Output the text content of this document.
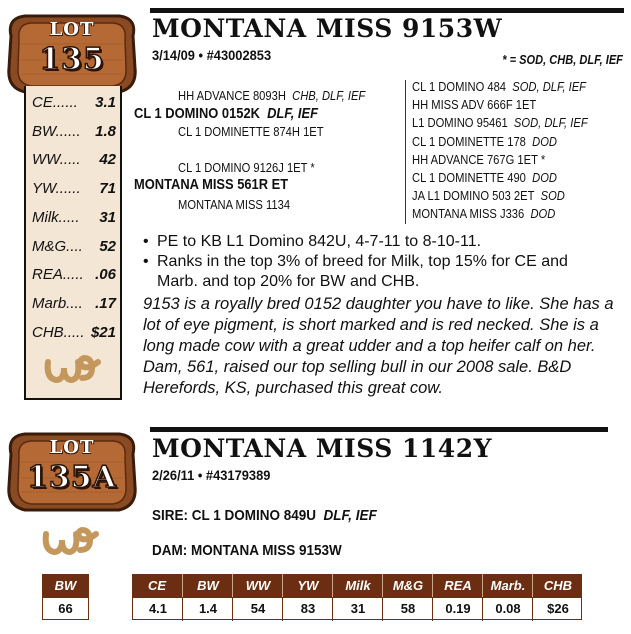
LOT
135
MONTANA MISS 9153W
3/14/09 • #43002853	* = SOD, CHB, DLF, IEF
CE...... 3.1
BW...... 1.8
WW..... 42
YW...... 71
Milk..... 31
M&G.... 52
REA..... .06
Marb.... .17
CHB..... $21
HH ADVANCE 8093H CHB, DLF, IEF
CL 1 DOMINO 0152K DLF, IEF
CL 1 DOMINETTE 874H 1ET
CL 1 DOMINO 9126J 1ET *
MONTANA MISS 561R ET
MONTANA MISS 1134
CL 1 DOMINO 484 SOD, DLF, IEF
HH MISS ADV 666F 1ET
L1 DOMINO 95461 SOD, DLF, IEF
CL 1 DOMINETTE 178 DOD
HH ADVANCE 767G 1ET *
CL 1 DOMINETTE 490 DOD
JA L1 DOMINO 503 2ET SOD
MONTANA MISS J336 DOD
• PE to KB L1 Domino 842U, 4-7-11 to 8-10-11.
• Ranks in the top 3% of breed for Milk, top 15% for CE and Marb. and top 20% for BW and CHB.
9153 is a royally bred 0152 daughter you have to like. She has a lot of eye pigment, is short marked and is red necked. She is a long made cow with a great udder and a top heifer calf on her. Dam, 561, raised our top selling bull in our 2008 sale. B&D Herefords, KS, purchased this great cow.
LOT
135A
MONTANA MISS 1142Y
2/26/11 • #43179389
SIRE: CL 1 DOMINO 849U DLF, IEF
DAM: MONTANA MISS 9153W
BW
66
CE	BW	WW	YW	Milk	M&G	REA	Marb.	CHB
4.1	1.4	54	83	31	58	0.19	0.08	$26
